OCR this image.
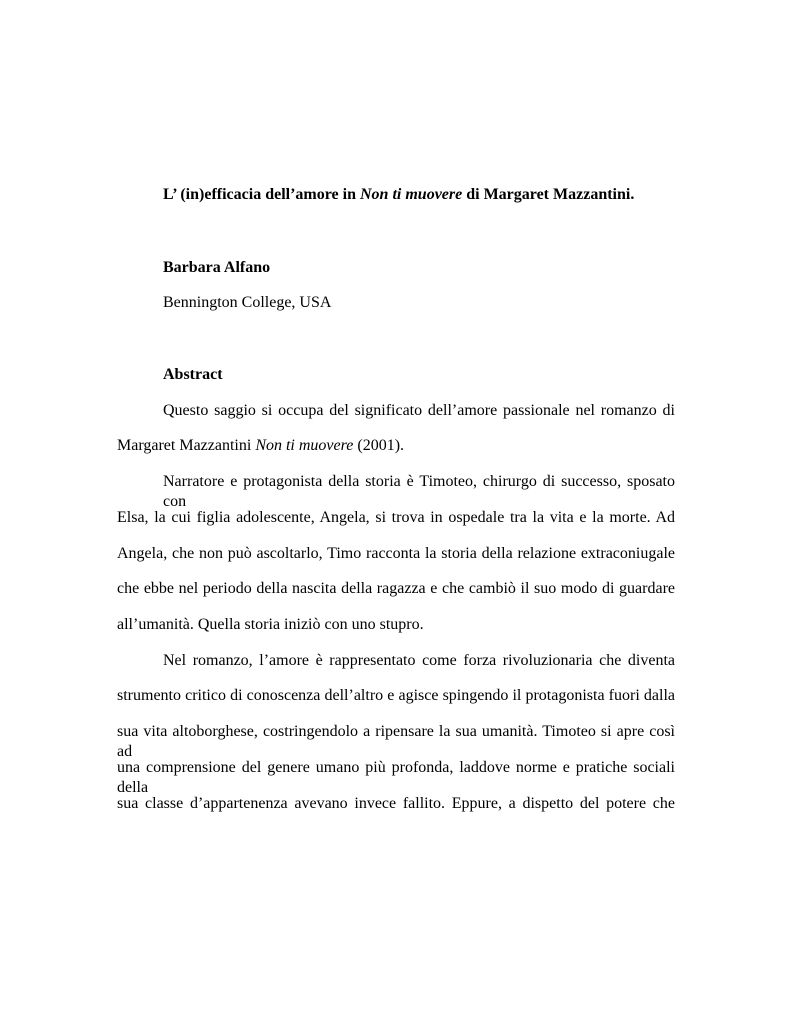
L’ (in)efficacia dell’amore in Non ti muovere di Margaret Mazzantini.
Barbara Alfano
Bennington College, USA
Abstract
Questo saggio si occupa del significato dell’amore passionale nel romanzo di
Margaret Mazzantini Non ti muovere (2001).
Narratore e protagonista della storia è Timoteo, chirurgo di successo, sposato con
Elsa, la cui figlia adolescente, Angela, si trova in ospedale tra la vita e la morte. Ad
Angela, che non può ascoltarlo, Timo racconta la storia della relazione extraconiugale
che ebbe nel periodo della nascita della ragazza e che cambiò il suo modo di guardare
all’umanità. Quella storia iniziò con uno stupro.
Nel romanzo, l’amore è rappresentato come forza rivoluzionaria che diventa
strumento critico di conoscenza dell’altro e agisce spingendo il protagonista fuori dalla
sua vita altoborghese, costringendolo a ripensare la sua umanità. Timoteo si apre così ad
una comprensione del genere umano più profonda, laddove norme e pratiche sociali della
sua classe d’appartenenza avevano invece fallito. Eppure, a dispetto del potere che
